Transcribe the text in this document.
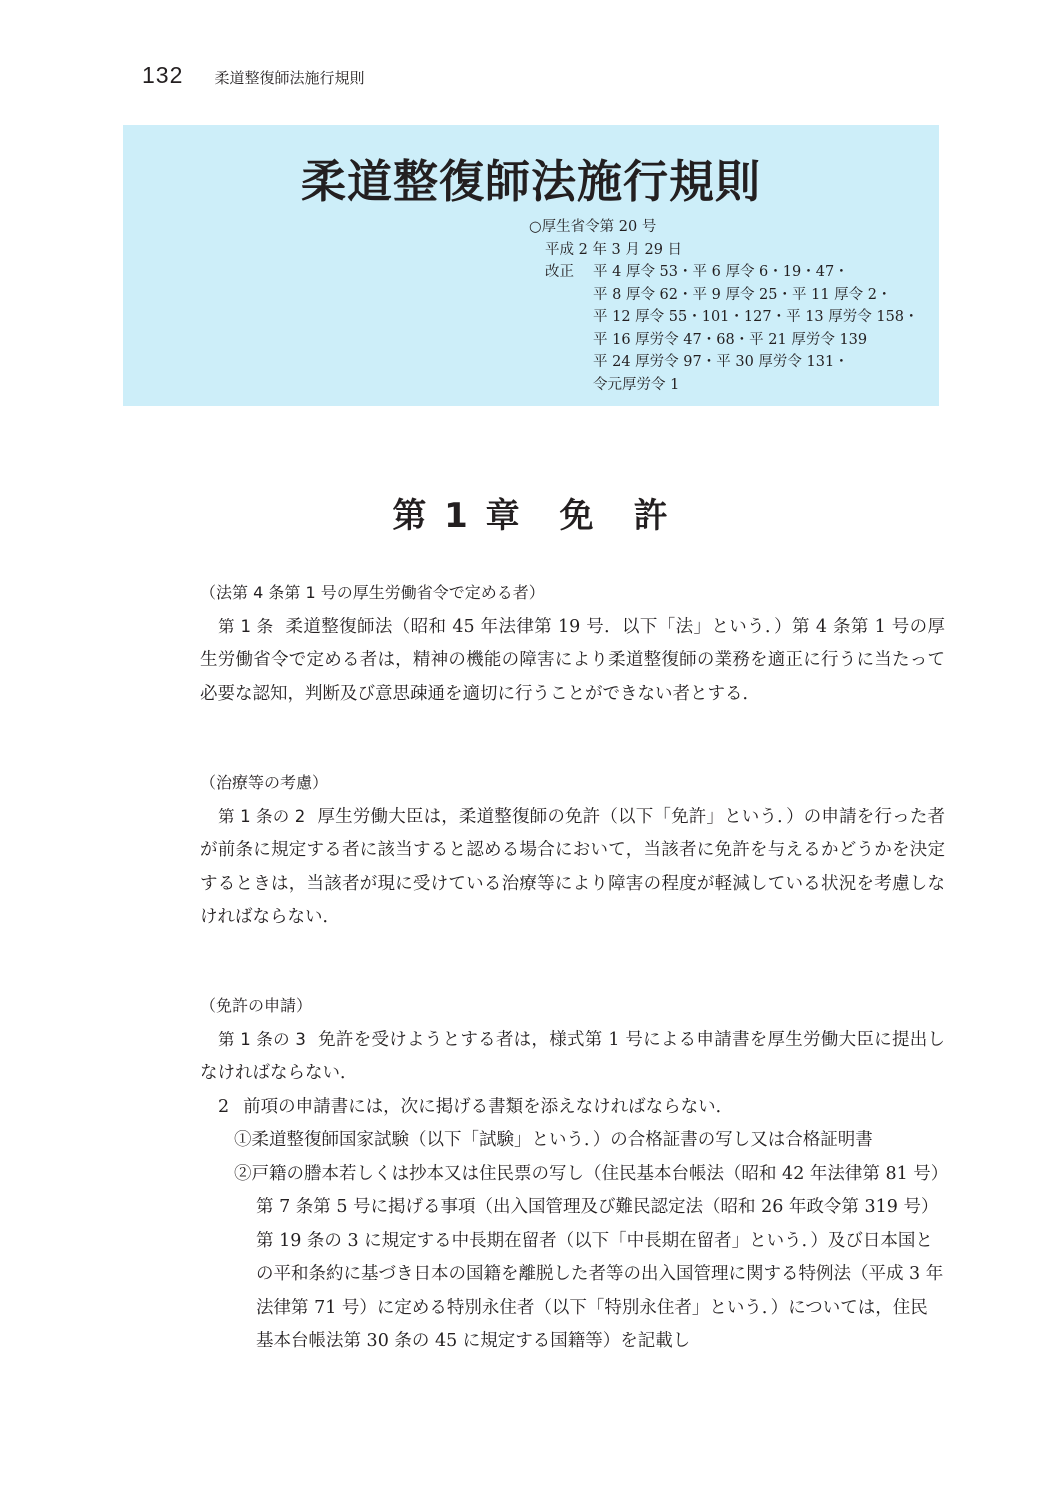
132 柔道整復師法施行規則
柔道整復師法施行規則
○厚生省令第 20 号
平成 2 年 3 月 29 日
改正 平 4 厚令 53・平 6 厚令 6・19・47・
平 8 厚令 62・平 9 厚令 25・平 11 厚令 2・
平 12 厚令 55・101・127・平 13 厚労令 158・
平 16 厚労令 47・68・平 21 厚労令 139
平 24 厚労令 97・平 30 厚労令 131・
令元厚労令 1
第 1 章　免　許

（法第 4 条第 1 号の厚生労働省令で定める者）

第 1 条 柔道整復師法（昭和 45 年法律第 19 号．以下「法」という．）第 4 条第 1 号の厚生労働省令で定める者は，精神の機能の障害により柔道整復師の業務を適正に行うに当たって必要な認知，判断及び意思疎通を適切に行うことができない者とする．

（治療等の考慮）

第 1 条の 2 厚生労働大臣は，柔道整復師の免許（以下「免許」という．）の申請を行った者が前条に規定する者に該当すると認める場合において，当該者に免許を与えるかどうかを決定するときは，当該者が現に受けている治療等により障害の程度が軽減している状況を考慮しなければならない．

（免許の申請）

第 1 条の 3 免許を受けようとする者は，様式第 1 号による申請書を厚生労働大臣に提出しなければならない．

2 前項の申請書には，次に掲げる書類を添えなければならない．

①柔道整復師国家試験（以下「試験」という．）の合格証書の写し又は合格証明書

②戸籍の謄本若しくは抄本又は住民票の写し（住民基本台帳法（昭和 42 年法律第 81 号）第 7 条第 5 号に掲げる事項（出入国管理及び難民認定法（昭和 26 年政令第 319 号）第 19 条の 3 に規定する中長期在留者（以下「中長期在留者」という．）及び日本国との平和条約に基づき日本の国籍を離脱した者等の出入国管理に関する特例法（平成 3 年法律第 71 号）に定める特別永住者（以下「特別永住者」という．）については，住民基本台帳法第 30 条の 45 に規定する国籍等）を記載し
